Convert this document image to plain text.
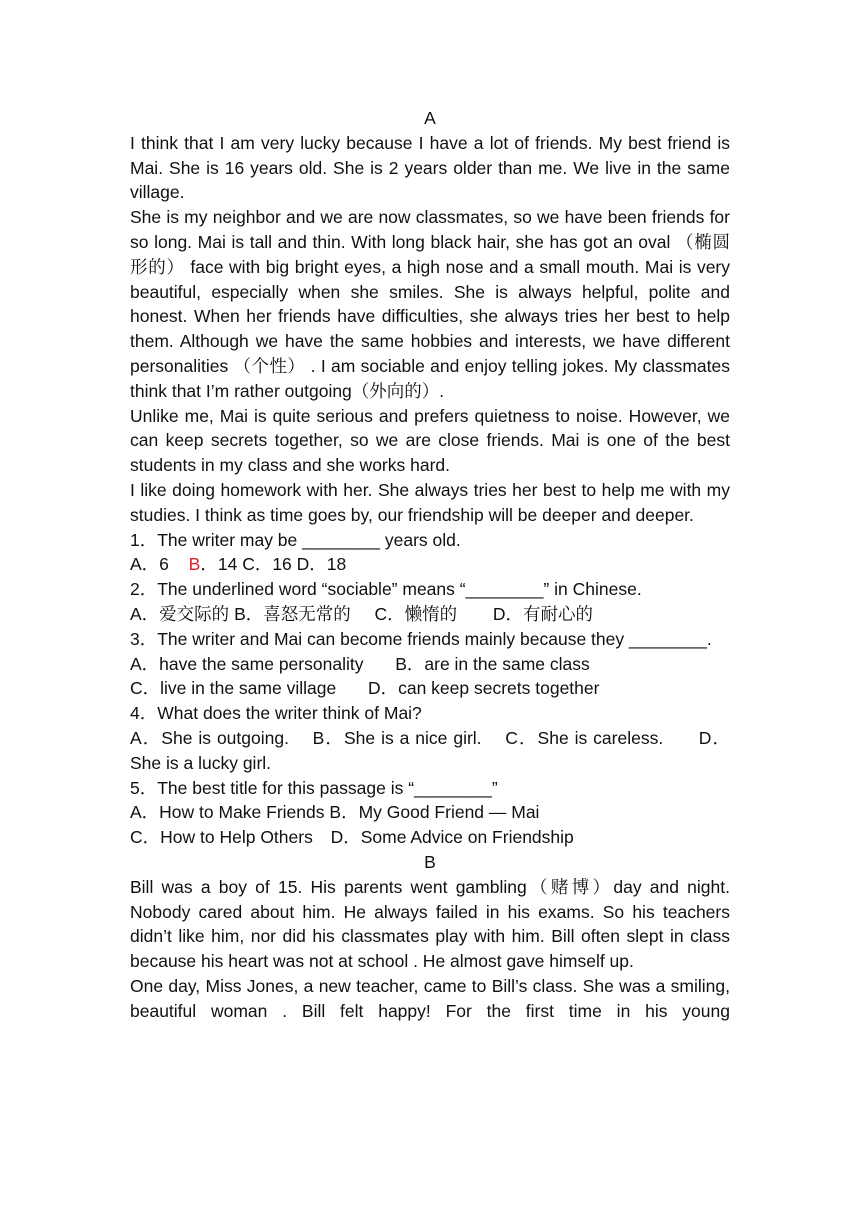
A

I think that I am very lucky because I have a lot of friends. My best friend is Mai. She is 16 years old. She is 2 years older than me. We live in the same village.

She is my neighbor and we are now classmates, so we have been friends for so long. Mai is tall and thin. With long black hair, she has got an oval （椭圆形的） face with big bright eyes, a high nose and a small mouth. Mai is very beautiful, especially when she smiles. She is always helpful, polite and honest. When her friends have difficulties, she always tries her best to help them. Although we have the same hobbies and interests, we have different personalities （个性） . I am sociable and enjoy telling jokes. My classmates think that I’m rather outgoing（外向的）.

Unlike me, Mai is quite serious and prefers quietness to noise. However, we can keep secrets together, so we are close friends. Mai is one of the best students in my class and she works hard.

I like doing homework with her. She always tries her best to help me with my studies. I think as time goes by, our friendship will be deeper and deeper.

1．The writer may be ________ years old.

A．6 B．14 C．16 D．18

2．The underlined word “sociable” means “________” in Chinese.

A．爱交际的 B．喜怒无常的 C．懒惰的 D．有耐心的

3．The writer and Mai can become friends mainly because they ________.

A．have the same personality B．are in the same class

C．live in the same village D．can keep secrets together

4．What does the writer think of Mai?

A．She is outgoing.    B．She is a nice girl.    C．She is careless.      D．She is a lucky girl.

5．The best title for this passage is “________”

A．How to Make Friends B．My Good Friend — Mai

C．How to Help Others D．Some Advice on Friendship

B

Bill was a boy of 15. His parents went gambling（赌博）day and night. Nobody cared about him. He always failed in his exams. So his teachers didn’t like him, nor did his classmates play with him. Bill often slept in class because his heart was not at school . He almost gave himself up.

One day, Miss Jones, a new teacher, came to Bill’s class. She was a smiling, beautiful woman . Bill felt happy! For the first time in his young
